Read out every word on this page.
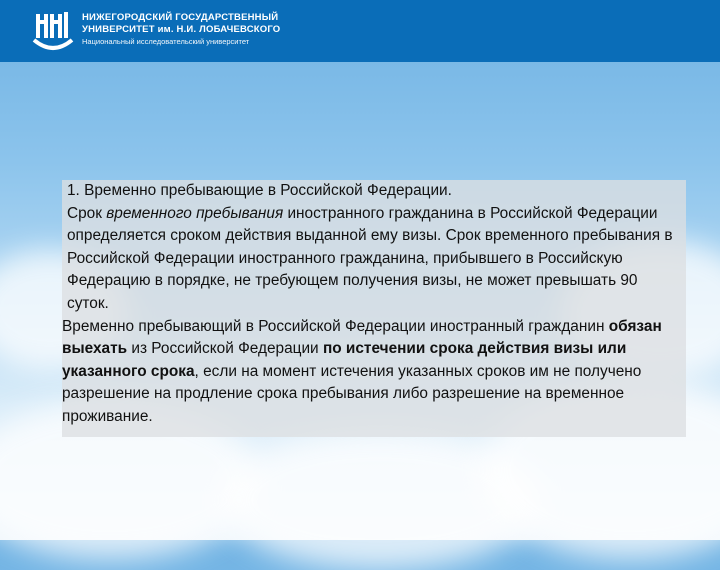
НИЖЕГОРОДСКИЙ ГОСУДАРСТВЕННЫЙ
УНИВЕРСИТЕТ им. Н.И. ЛОБАЧЕВСКОГО
Национальный исследовательский университет

1. Временно пребывающие в Российской Федерации.

Срок временного пребывания иностранного гражданина в Российской Федерации определяется сроком действия выданной ему визы. Срок временного пребывания в Российской Федерации иностранного гражданина, прибывшего в Российскую Федерацию в порядке, не требующем получения визы, не может превышать 90 суток.

Временно пребывающий в Российской Федерации иностранный гражданин обязан выехать из Российской Федерации по истечении срока действия визы или указанного срока, если на момент истечения указанных сроков им не получено разрешение на продление срока пребывания либо разрешение на временное проживание.
